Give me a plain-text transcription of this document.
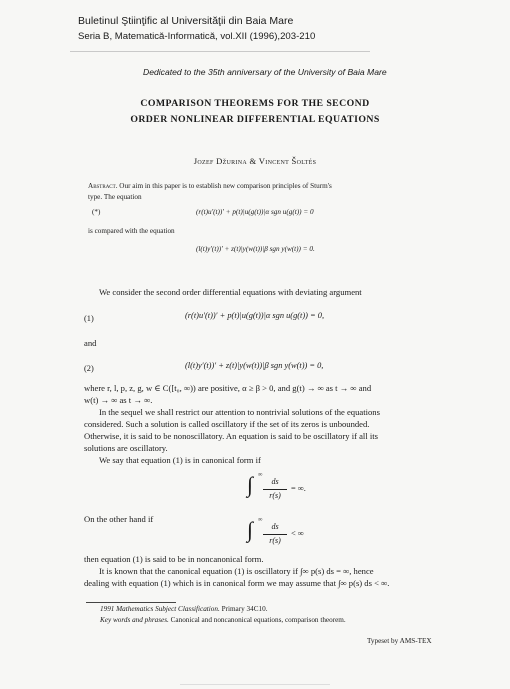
Buletinul Ştiinţific al Universităţii din Baia Mare
Seria B, Matematică-Informatică, vol.XII (1996),203-210
Dedicated to the 35th anniversary of the University of Baia Mare
COMPARISON THEOREMS FOR THE SECOND
ORDER NONLINEAR DIFFERENTIAL EQUATIONS
Jozef Džurina & Vincent Šoltés
Abstract. Our aim in this paper is to establish new comparison principles of Sturm's
type. The equation
(*)	(r(t)u′(t))′ + p(t)|u(g(t))|α sgn u(g(t)) = 0
is compared with the equation
(l(t)y′(t))′ + z(t)|y(w(t))|β sgn y(w(t)) = 0.
We consider the second order differential equations with deviating argument
(1)	(r(t)u′(t))′ + p(t)|u(g(t))|α sgn u(g(t)) = 0,
and
(2)	(l(t)y′(t))′ + z(t)|y(w(t))|β sgn y(w(t)) = 0,
where r, l, p, z, g, w ∈ C([t₀, ∞)) are positive, α ≥ β > 0, and g(t) → ∞ as t → ∞ and
w(t) → ∞ as t → ∞.
In the sequel we shall restrict our attention to nontrivial solutions of the equations
considered. Such a solution is called oscillatory if the set of its zeros is unbounded.
Otherwise, it is said to be nonoscillatory. An equation is said to be oscillatory if all its
solutions are oscillatory.
We say that equation (1) is in canonical form if
∫ ∞
ds
r(s)
= ∞.
On the other hand if	∫ ∞
ds
r(s)
< ∞
then equation (1) is said to be in noncanonical form.
It is known that the canonical equation (1) is oscillatory if ∫∞ p(s) ds = ∞, hence
dealing with equation (1) which is in canonical form we may assume that ∫∞ p(s) ds < ∞.
1991 Mathematics Subject Classification. Primary 34C10.
Key words and phrases. Canonical and noncanonical equations, comparison theorem.
Typeset by AMS-TEX
